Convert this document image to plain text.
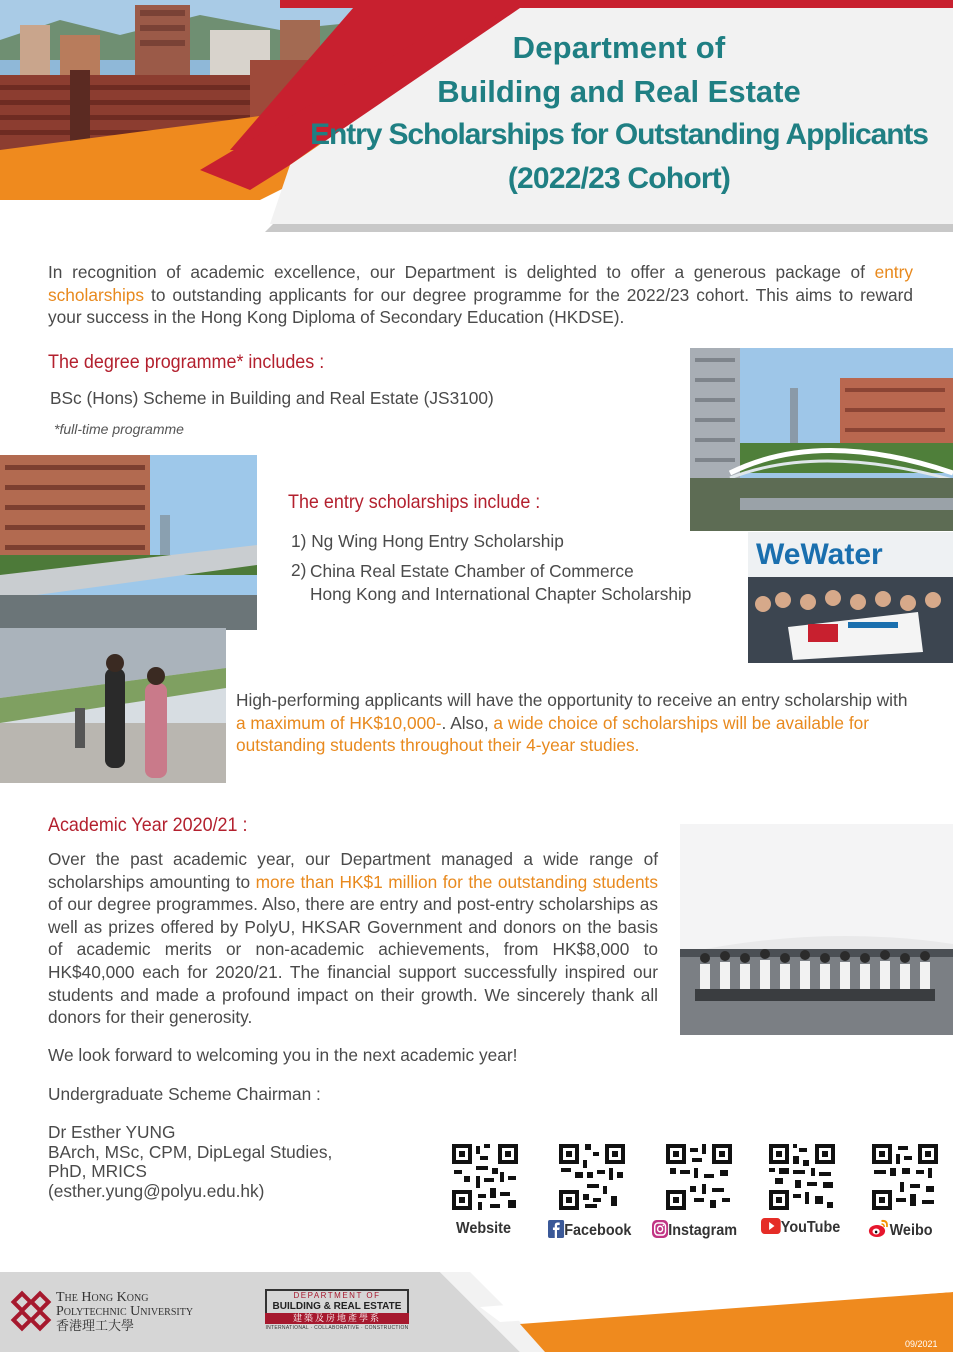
Department of
Building and Real Estate
Entry Scholarships for Outstanding Applicants
(2022/23 Cohort)
In recognition of academic excellence, our Department is delighted to offer a generous package of entry scholarships to outstanding applicants for our degree programme for the 2022/23 cohort. This aims to reward your success in the Hong Kong Diploma of Secondary Education (HKDSE).
The degree programme* includes :
BSc (Hons) Scheme in Building and Real Estate (JS3100)
*full-time programme
The entry scholarships include :
1) Ng Wing Hong Entry Scholarship
2) China Real Estate Chamber of Commerce
Hong Kong and International Chapter Scholarship
WeWater
High-performing applicants will have the opportunity to receive an entry scholarship with a maximum of HK$10,000-. Also, a wide choice of scholarships will be available for outstanding students throughout their 4-year studies.
Academic Year 2020/21 :
Over the past academic year, our Department managed a wide range of scholarships amounting to more than HK$1 million for the outstanding students of our degree programmes. Also, there are entry and post-entry scholarships as well as prizes offered by PolyU, HKSAR Government and donors on the basis of academic merits or non-academic achievements, from HK$8,000 to HK$40,000 each for 2020/21. The financial support successfully inspired our students and made a profound impact on their growth. We sincerely thank all donors for their generosity.
We look forward to welcoming you in the next academic year!
Undergraduate Scheme Chairman :
Dr Esther YUNG
BArch, MSc, CPM, DipLegal Studies,
PhD, MRICS
(esther.yung@polyu.edu.hk)
Website	Facebook	Instagram	YouTube	Weibo
The Hong Kong
Polytechnic University
香港理工大學
DEPARTMENT OF
BUILDING & REAL ESTATE
建築及房地產學系
INTERNATIONAL · COLLABORATIVE · CONSTRUCTION
09/2021
